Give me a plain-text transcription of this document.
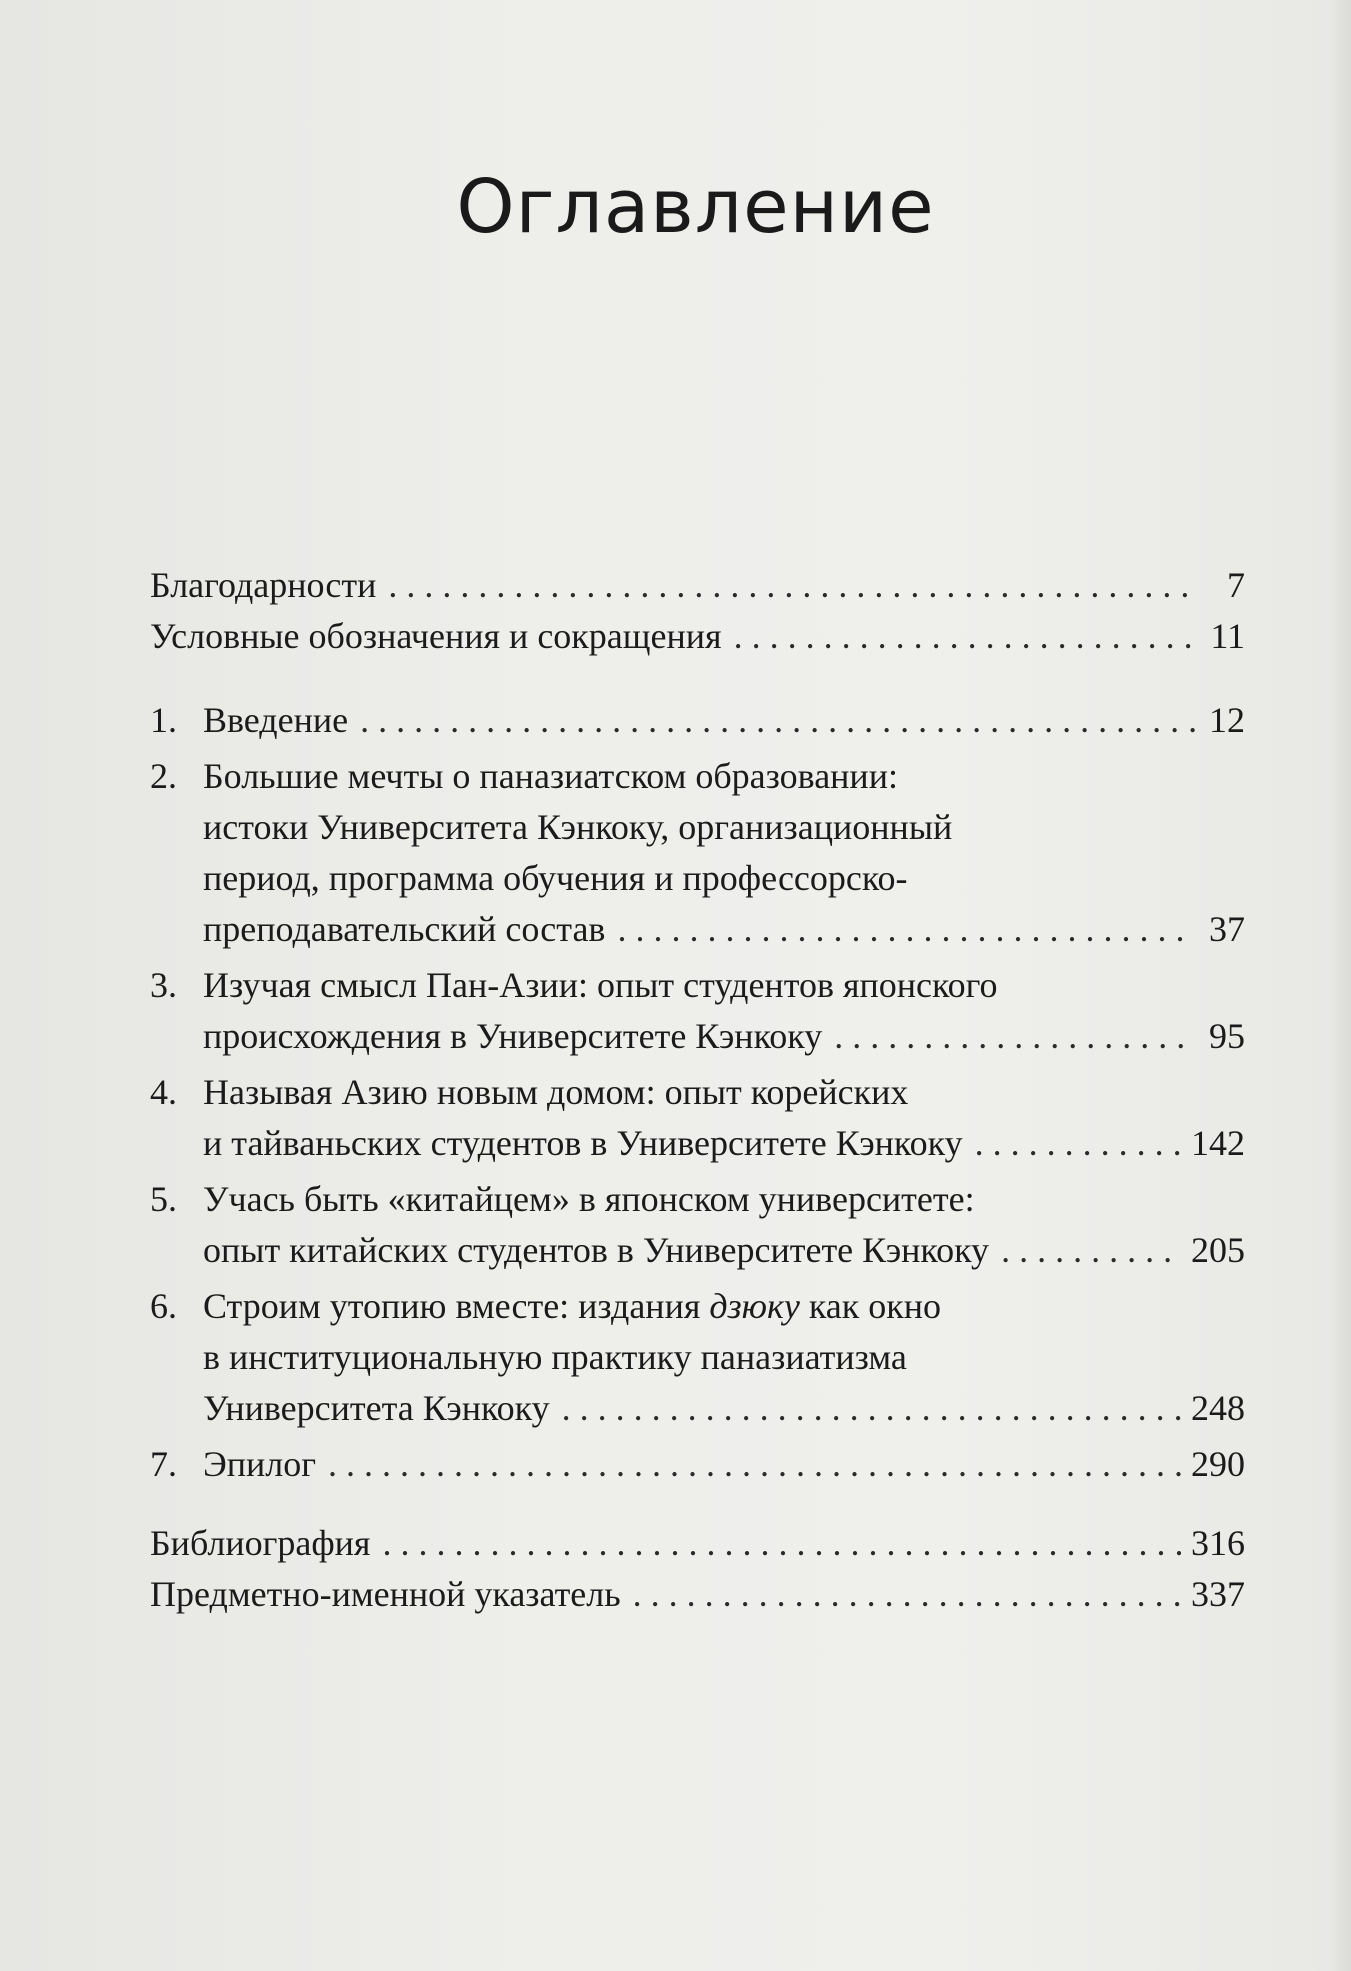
Оглавление
Благодарности . . .	7
Условные обозначения и сокращения . . .	11
1. Введение . . .	12
2. Большие мечты о паназиатском образовании:
истоки Университета Кэнкоку, организационный
период, программа обучения и профессорско-
преподавательский состав . . .	37
3. Изучая смысл Пан-Азии: опыт студентов японского
происхождения в Университете Кэнкоку . . .	95
4. Называя Азию новым домом: опыт корейских
и тайваньских студентов в Университете Кэнкоку . . .	142
5. Учась быть «китайцем» в японском университете:
опыт китайских студентов в Университете Кэнкоку . . .	205
6. Строим утопию вместе: издания дзюку как окно
в институциональную практику паназиатизма
Университета Кэнкоку . . .	248
7. Эпилог . . .	290
Библиография . . .	316
Предметно-именной указатель . . .	337
